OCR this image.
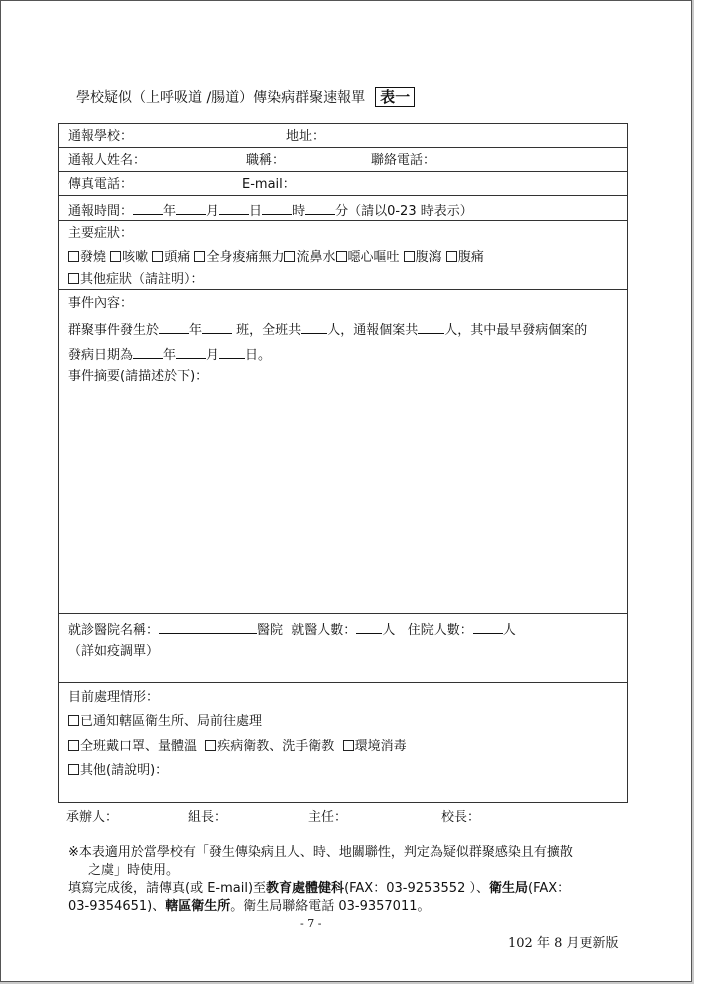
學校疑似（上呼吸道 /腸道）傳染病群聚速報單 表一
通報學校：	地址：
通報人姓名：	職稱：	聯絡電話：
傳真電話：	E-mail：
通報時間： 年 月 日 時 分（請以0-23 時表示）
主要症狀：
發燒 咳嗽 頭痛 全身痠痛無力 流鼻水 噁心嘔吐 腹瀉 腹痛
其他症狀（請註明）：
事件內容：
群聚事件發生於 年	班，全班共 人，通報個案共 人，其中最早發病個案的
發病日期為 年 月 日。
事件摘要(請描述於下)：
就診醫院名稱：	醫院 就醫人數： 人 住院人數： 人
（詳如疫調單）
目前處理情形：
已通知轄區衛生所、局前往處理
全班戴口罩、量體溫 疾病衛教、洗手衛教 環境消毒
其他(請說明)：
承辦人：	組長：	主任：	校長：
※本表適用於當學校有「發生傳染病且人、時、地關聯性，判定為疑似群聚感染且有擴散
之虞」時使用。
填寫完成後，請傳真(或 E-mail)至教育處體健科(FAX：03-9253552 ）、衛生局(FAX：
03-9354651)、轄區衛生所。衛生局聯絡電話 03-9357011。
- 7 -
102 年 8 月更新版
